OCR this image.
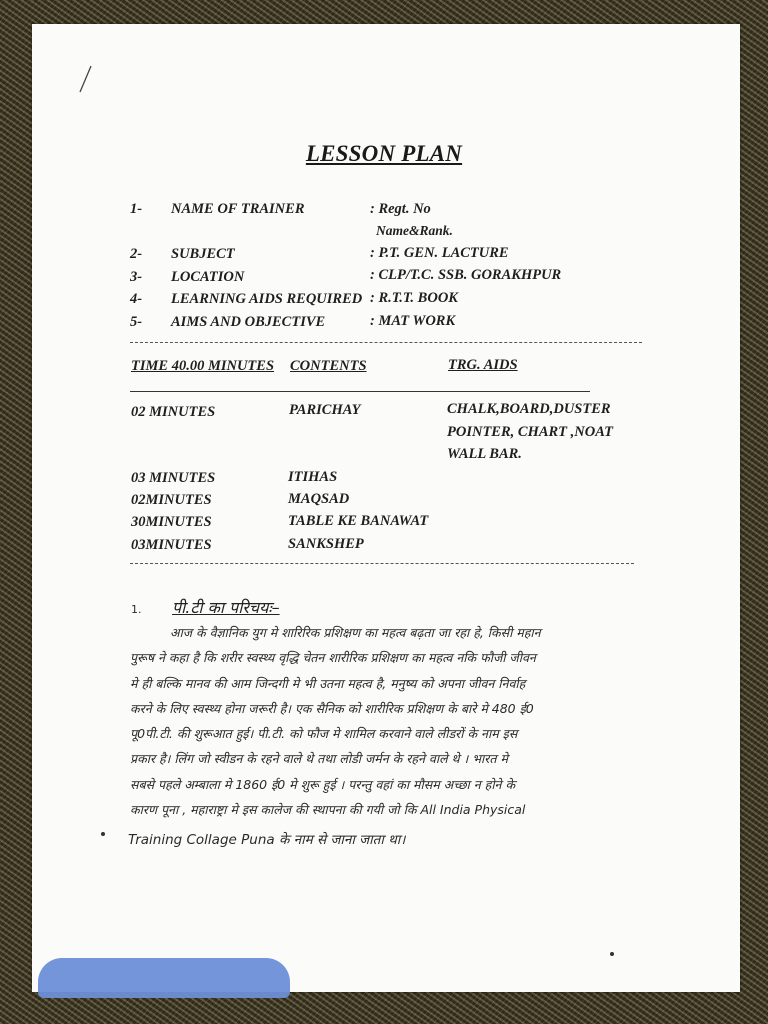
LESSON PLAN
1- NAME OF TRAINER	: Regt. No
Name&Rank.
2- SUBJECT	: P.T. GEN. LACTURE
3- LOCATION	: CLP/T.C. SSB. GORAKHPUR
4- LEARNING AIDS REQUIRED : R.T.T. BOOK
5- AIMS AND OBJECTIVE	: MAT WORK
TIME 40.00 MINUTES CONTENTS	TRG. AIDS
02 MINUTES	PARICHAY	CHALK,BOARD,DUSTER
POINTER, CHART ,NOAT
WALL BAR.
03 MINUTES	ITIHAS
02MINUTES	MAQSAD
30MINUTES	TABLE KE BANAWAT
03MINUTES	SANKSHEP
1. पी.टी का परिचयः–
आज के वैज्ञानिक युग मे शारिरिक प्रशिक्षण का महत्व बढ़ता जा रहा हे, किसी महान
पुरूष ने कहा है कि शरीर स्वस्थ्य वृद्धि चेतन शारीरिक प्रशिक्षण का महत्व नकि फौजी जीवन
मे ही बल्कि मानव की आम जिन्दगी मे भी उतना महत्व है, मनुष्य को अपना जीवन निर्वाह
करने के लिए स्वस्थ्य होना जरूरी है। एक सैनिक को शारीरिक प्रशिक्षण के बारे मे 480 ई0
पू0पी.टी. की शुरूआत हुई। पी.टी. को फौज मे शामिल करवाने वाले लीडरों के नाम इस
प्रकार है। लिंग जो स्वीडन के रहने वाले थे तथा लोडी जर्मन के रहने वाले थे । भारत मे
सबसे पहले अम्बाला मे 1860 ई0 मे शुरू हुई । परन्तु वहां का मौसम अच्छा न होने के
कारण पूना , महाराष्ट्रा मे इस कालेज की स्थापना की गयी जो कि All India Physical
Training Collage Puna के नाम से जाना जाता था।
